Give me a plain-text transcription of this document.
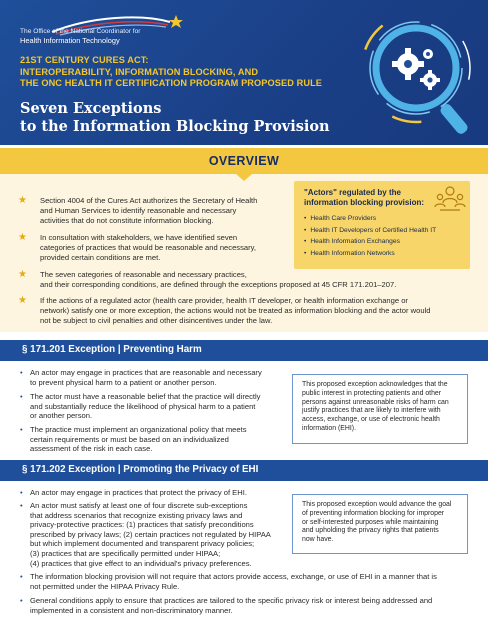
The Office of the National Coordinator for
Health Information Technology
21ST CENTURY CURES ACT:
INTEROPERABILITY, INFORMATION BLOCKING, AND
THE ONC HEALTH IT CERTIFICATION PROGRAM PROPOSED RULE
Seven Exceptions
to the Information Blocking Provision
OVERVIEW
★ Section 4004 of the Cures Act authorizes the Secretary of Health
and Human Services to identify reasonable and necessary
activities that do not constitute information blocking.
★ In consultation with stakeholders, we have identified seven
categories of practices that would be reasonable and necessary,
provided certain conditions are met.
★ The seven categories of reasonable and necessary practices,
and their corresponding conditions, are defined through the exceptions proposed at 45 CFR 171.201–207.
★ If the actions of a regulated actor (health care provider, health IT developer, or health information exchange or
network) satisfy one or more exception, the actions would not be treated as information blocking and the actor would
not be subject to civil penalties and other disincentives under the law.
"Actors" regulated by the
information blocking provision:
• Health Care Providers
• Health IT Developers of Certified Health IT
• Health Information Exchanges
• Health Information Networks
§ 171.201 Exception | Preventing Harm
• An actor may engage in practices that are reasonable and necessary
to prevent physical harm to a patient or another person.
• The actor must have a reasonable belief that the practice will directly
and substantially reduce the likelihood of physical harm to a patient
or another person.
• The practice must implement an organizational policy that meets
certain requirements or must be based on an individualized
assessment of the risk in each case.
This proposed exception acknowledges that the
public interest in protecting patients and other
persons against unreasonable risks of harm can
justify practices that are likely to interfere with
access, exchange, or use of electronic health
information (EHI).
§ 171.202 Exception | Promoting the Privacy of EHI
• An actor may engage in practices that protect the privacy of EHI.
• An actor must satisfy at least one of four discrete sub-exceptions
that address scenarios that recognize existing privacy laws and
privacy-protective practices: (1) practices that satisfy preconditions
prescribed by privacy laws; (2) certain practices not regulated by HIPAA
but which implement documented and transparent privacy policies;
(3) practices that are specifically permitted under HIPAA;
(4) practices that give effect to an individual's privacy preferences.
• The information blocking provision will not require that actors provide access, exchange, or use of EHI in a manner that is
not permitted under the HIPAA Privacy Rule.
• General conditions apply to ensure that practices are tailored to the specific privacy risk or interest being addressed and
implemented in a consistent and non-discriminatory manner.
This proposed exception would advance the goal
of preventing information blocking for improper
or self-interested purposes while maintaining
and upholding the privacy rights that patients
now have.
